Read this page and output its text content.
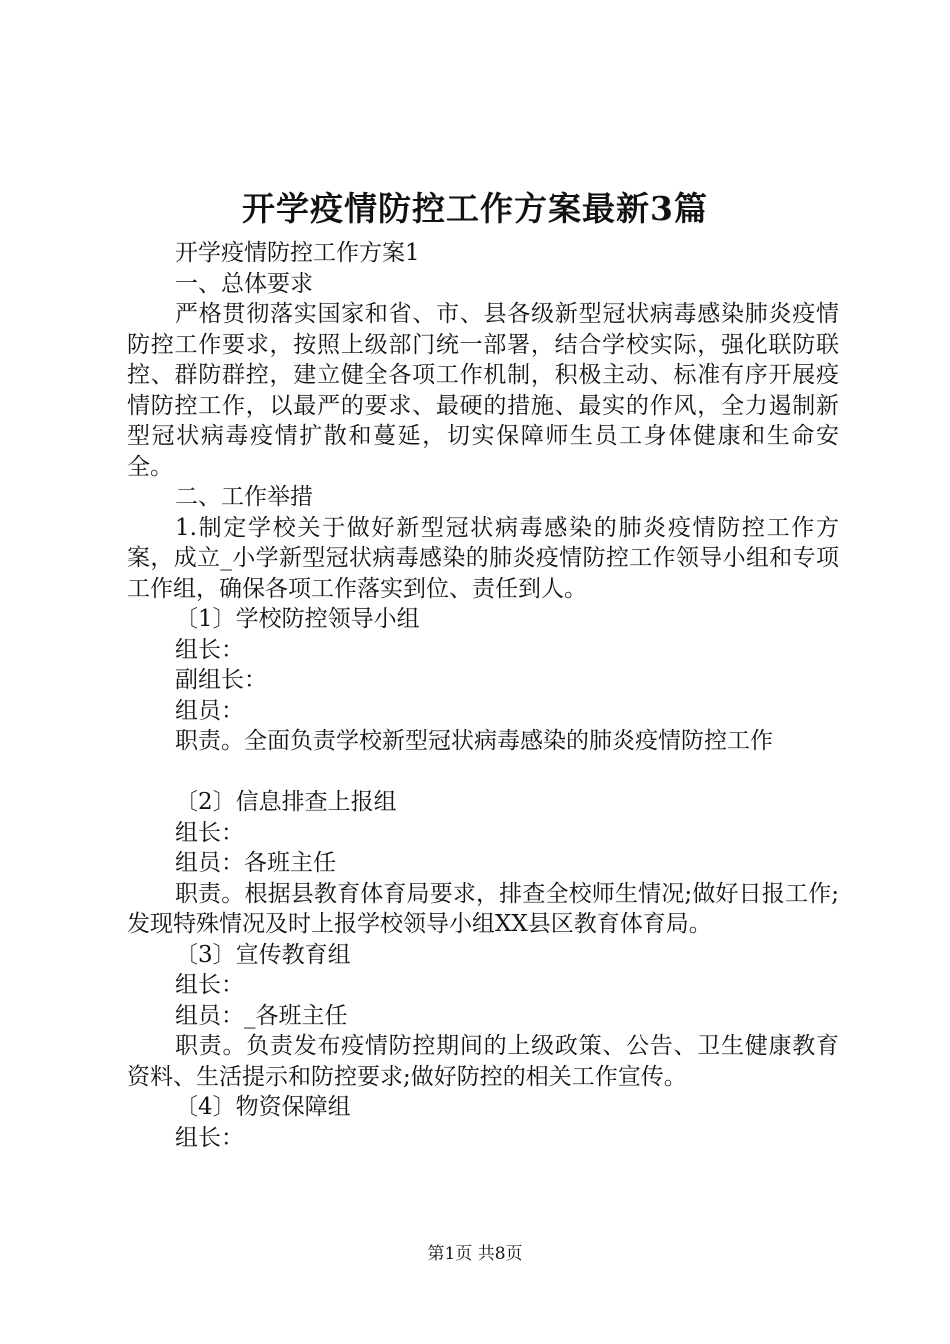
开学疫情防控工作方案最新3篇

开学疫情防控工作方案1

一、总体要求

严格贯彻落实国家和省、市、县各级新型冠状病毒感染肺炎疫情防控工作要求，按照上级部门统一部署，结合学校实际，强化联防联控、群防群控，建立健全各项工作机制，积极主动、标准有序开展疫情防控工作，以最严的要求、最硬的措施、最实的作风，全力遏制新型冠状病毒疫情扩散和蔓延，切实保障师生员工身体健康和生命安全。

二、工作举措

1.制定学校关于做好新型冠状病毒感染的肺炎疫情防控工作方案，成立_小学新型冠状病毒感染的肺炎疫情防控工作领导小组和专项工作组，确保各项工作落实到位、责任到人。

〔1〕学校防控领导小组

组长：

副组长：

组员：

职责。全面负责学校新型冠状病毒感染的肺炎疫情防控工作

〔2〕信息排查上报组

组长：

组员：各班主任

职责。根据县教育体育局要求，排查全校师生情况;做好日报工作;发现特殊情况及时上报学校领导小组XX县区教育体育局。

〔3〕宣传教育组

组长：

组员：_各班主任

职责。负责发布疫情防控期间的上级政策、公告、卫生健康教育资料、生活提示和防控要求;做好防控的相关工作宣传。

〔4〕物资保障组

组长：

第1页 共8页
